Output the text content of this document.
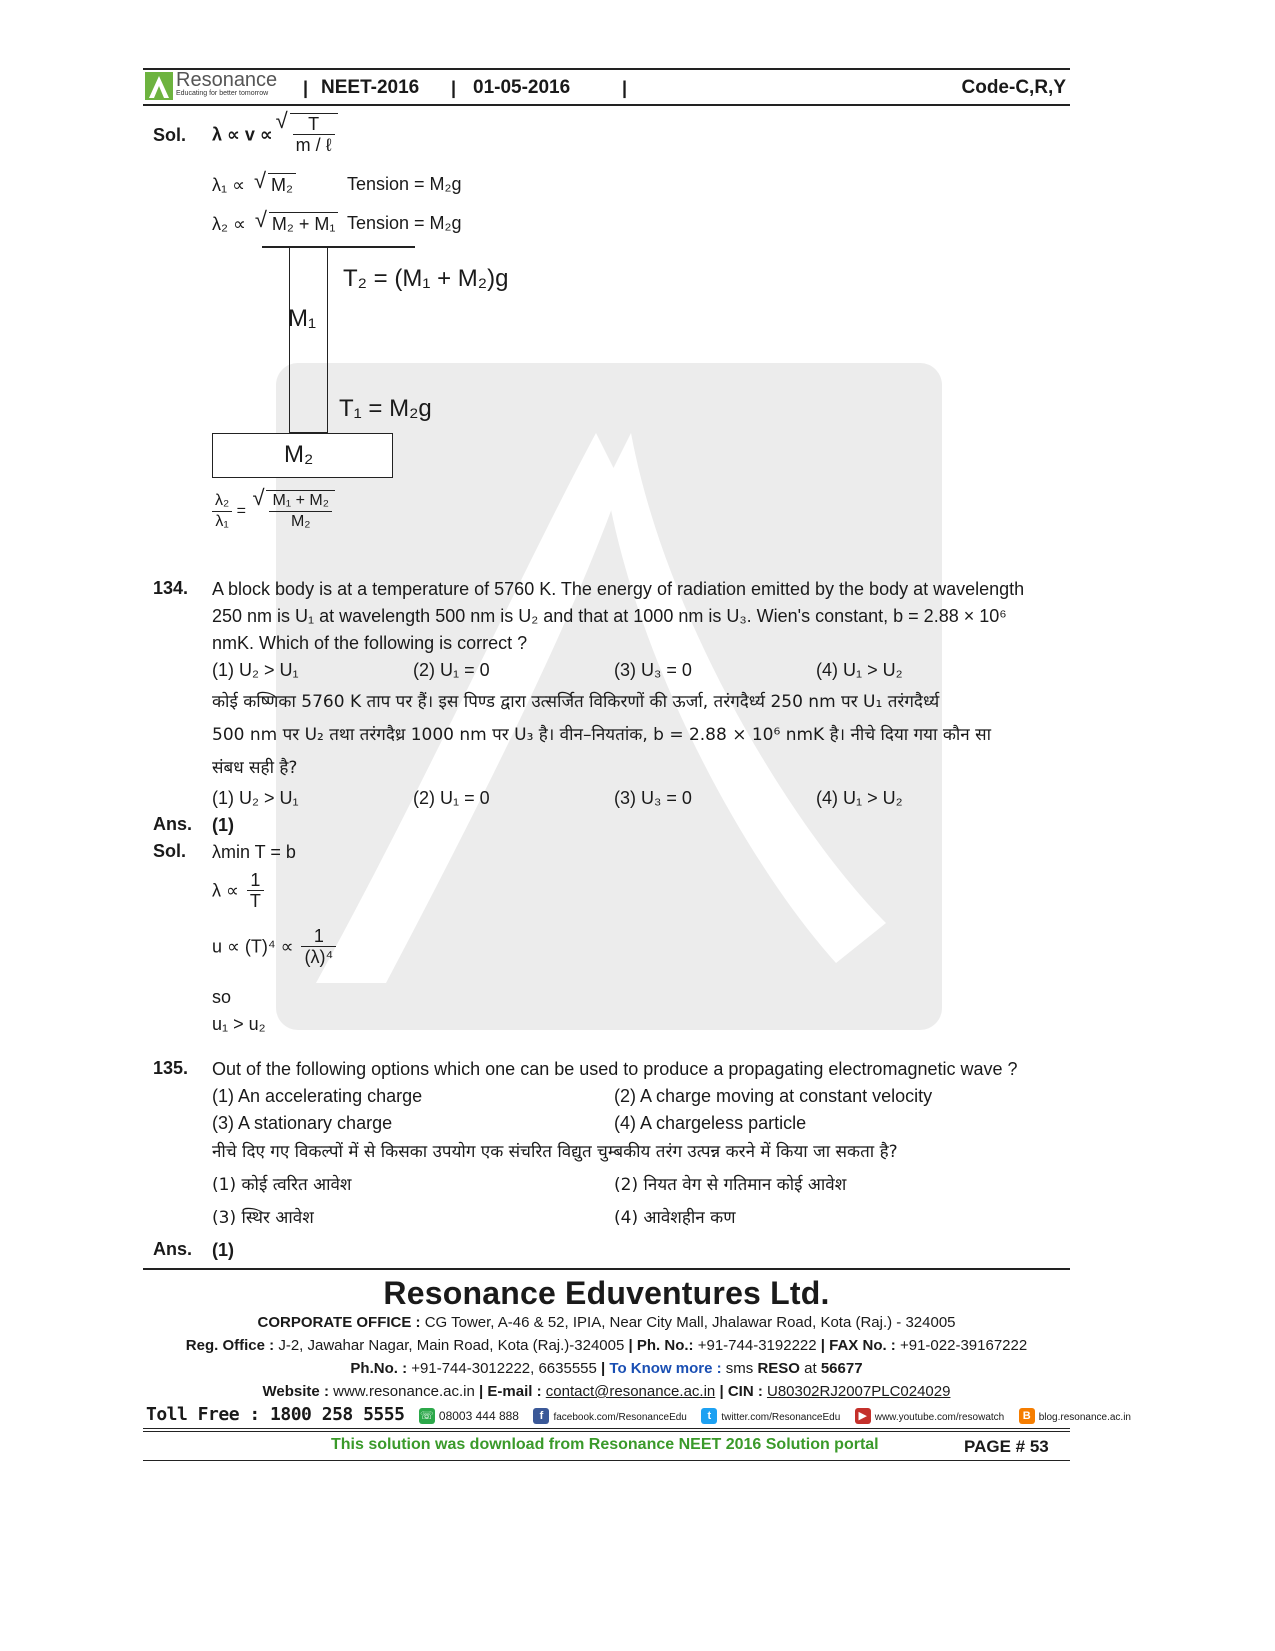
Resonance
Educating for better tomorrow | NEET-2016 | 01-05-2016	|	Code-C,R,Y
Sol. λ ∝ v ∝ √ $\frac{T}{\text{m / ℓ}}$
λ₁ ∝ √ M₂	Tension = M₂g
λ₂ ∝ √ M₂ + M₁ Tension = M₂g
M₁
T₂ = (M₁ + M₂)g
T₁ = M₂g
M₂
$\frac{\text{λ₂}}{\text{λ₁}}$ = √ $\frac{\text{M₁ + M₂}}{\text{M₂}}$
134. A block body is at a temperature of 5760 K. The energy of radiation emitted by the body at wavelength
250 nm is U₁ at wavelength 500 nm is U₂ and that at 1000 nm is U₃. Wien's constant, b = 2.88 × 10⁶
nmK. Which of the following is correct ?
(1) U₂ > U₁	(2) U₁ = 0	(3) U₃ = 0	(4) U₁ > U₂
कोई कष्णिका 5760 K ताप पर हैं। इस पिण्ड द्वारा उत्सर्जित विकिरणों की ऊर्जा, तरंगदैर्ध्य 250 nm पर U₁ तरंगदैर्ध्य
500 nm पर U₂ तथा तरंगदैध्र 1000 nm पर U₃ है। वीन–नियतांक, b = 2.88 × 10⁶ nmK है। नीचे दिया गया कौन सा
संबध सही है?
(1) U₂ > U₁	(2) U₁ = 0	(3) U₃ = 0	(4) U₁ > U₂
Ans. (1)
Sol. λmin T = b
$\lambda \propto \frac{1}{T}$
$u \propto (T)^4 \propto \frac{1}{\text{(λ)⁴}}$
so
u₁ > u₂
135. Out of the following options which one can be used to produce a propagating electromagnetic wave ?
(1) An accelerating charge	(2) A charge moving at constant velocity
(3) A stationary charge	(4) A chargeless particle
नीचे दिए गए विकल्पों में से किसका उपयोग एक संचरित विद्युत चुम्बकीय तरंग उत्पन्न करने में किया जा सकता है?
(1) कोई त्वरित आवेश	(2) नियत वेग से गतिमान कोई आवेश
(3) स्थिर आवेश	(4) आवेशहीन कण
Ans. (1)
Resonance Eduventures Ltd.
CORPORATE OFFICE : CG Tower, A-46 & 52, IPIA, Near City Mall, Jhalawar Road, Kota (Raj.) - 324005
Reg. Office : J-2, Jawahar Nagar, Main Road, Kota (Raj.)-324005 | Ph. No.: +91-744-3192222 | FAX No. : +91-022-39167222
Ph.No. : +91-744-3012222, 6635555 | To Know more : sms RESO at 56677
Website : www.resonance.ac.in | E-mail : contact@resonance.ac.in | CIN : U80302RJ2007PLC024029
Toll Free : 1800 258 5555 ☏ 08003 444 888 f facebook.com/ResonanceEdu t twitter.com/ResonanceEdu ▶ www.youtube.com/resowatch B blog.resonance.ac.in
This solution was download from Resonance NEET 2016 Solution portal	PAGE # 53
